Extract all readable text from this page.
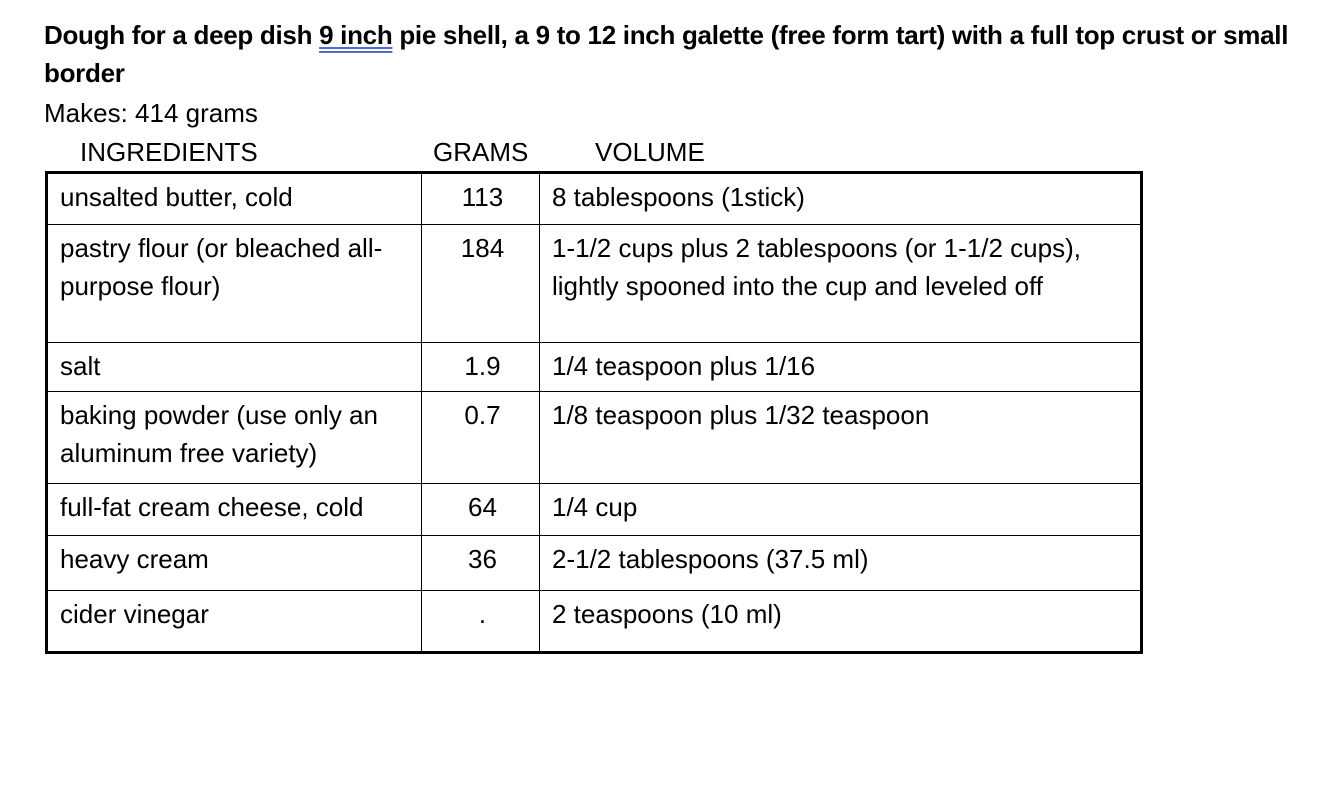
Dough for a deep dish 9 inch pie shell, a 9 to 12 inch galette (free form tart) with a full top crust or small border
Makes: 414 grams
INGREDIENTS	GRAMS	VOLUME
unsalted butter, cold	113	8 tablespoons (1stick)
pastry flour (or bleached all-purpose flour)	184	1-1/2 cups plus 2 tablespoons (or 1-1/2 cups), lightly spooned into the cup and leveled off
salt	1.9	1/4 teaspoon plus 1/16
baking powder (use only an aluminum free variety)	0.7	1/8 teaspoon plus 1/32 teaspoon
full-fat cream cheese, cold	64	1/4 cup
heavy cream	36	2-1/2 tablespoons (37.5 ml)
cider vinegar	.	2 teaspoons (10 ml)
